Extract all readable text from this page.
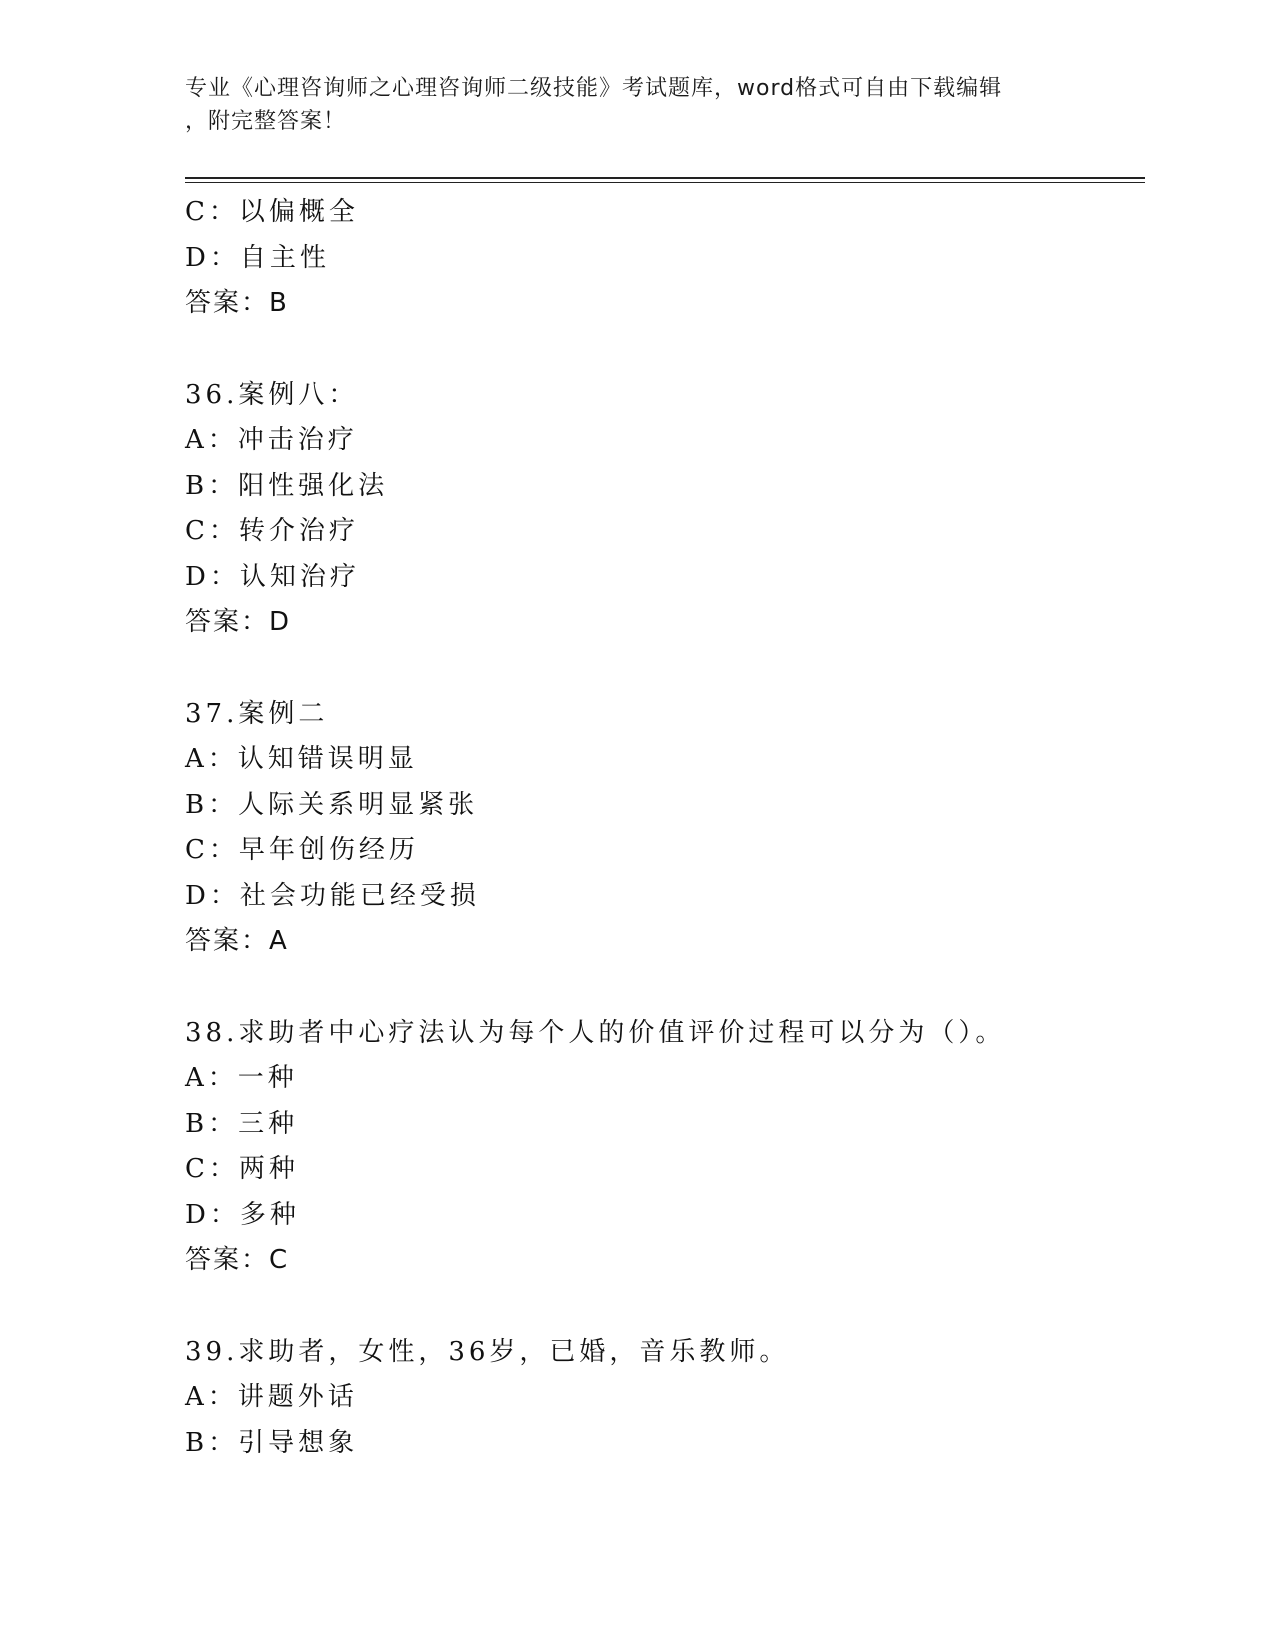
专业《心理咨询师之心理咨询师二级技能》考试题库，word格式可自由下载编辑
，附完整答案！
C：以偏概全
D：自主性
答案：B
36.案例八：
A：冲击治疗
B：阳性强化法
C：转介治疗
D：认知治疗
答案：D
37.案例二
A：认知错误明显
B：人际关系明显紧张
C：早年创伤经历
D：社会功能已经受损
答案：A
38.求助者中心疗法认为每个人的价值评价过程可以分为（）。
A：一种
B：三种
C：两种
D：多种
答案：C
39.求助者，女性，36岁，已婚，音乐教师。
A：讲题外话
B：引导想象
